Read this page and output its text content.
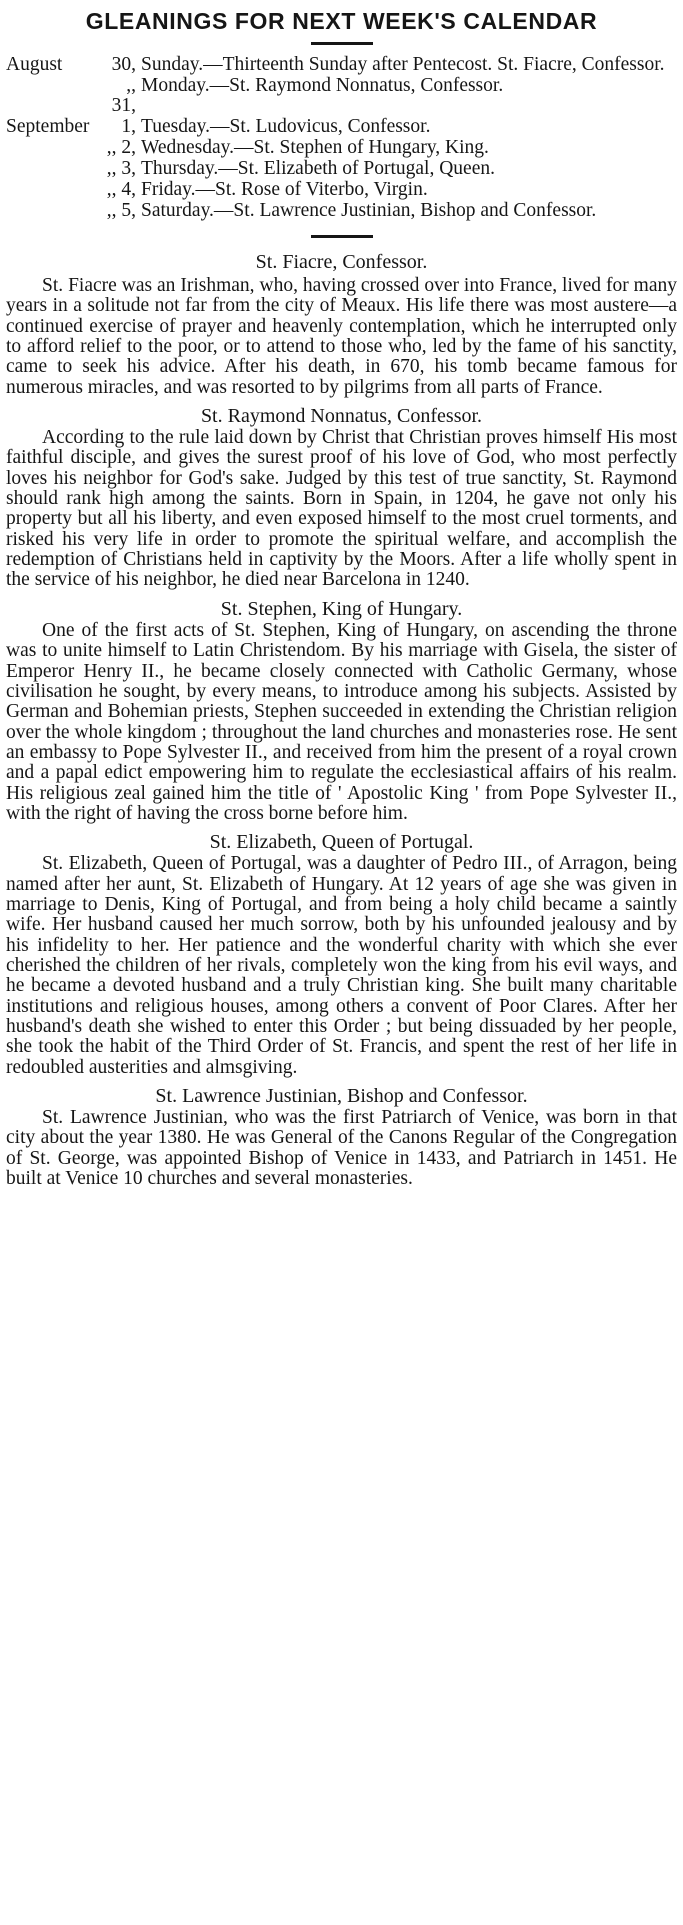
GLEANINGS FOR NEXT WEEK'S CALENDAR
August	30, Sunday.—Thirteenth Sunday after Pentecost. St. Fiacre, Confessor.
,, 31,
Monday.—St. Raymond Nonnatus, Confessor.
September	1, Tuesday.—St. Ludovicus, Confessor.
,, 2, Wednesday.—St. Stephen of Hungary, King.
,, 3, Thursday.—St. Elizabeth of Portugal, Queen.
,, 4, Friday.—St. Rose of Viterbo, Virgin.
,, 5, Saturday.—St. Lawrence Justinian, Bishop and Confessor.
St. Fiacre, Confessor.

St. Fiacre was an Irishman, who, having crossed over into France, lived for many years in a solitude not far from the city of Meaux. His life there was most austere—a continued exercise of prayer and heavenly contemplation, which he interrupted only to afford relief to the poor, or to attend to those who, led by the fame of his sanctity, came to seek his advice. After his death, in 670, his tomb became famous for numerous miracles, and was resorted to by pilgrims from all parts of France.

St. Raymond Nonnatus, Confessor.

According to the rule laid down by Christ that Christian proves himself His most faithful disciple, and gives the surest proof of his love of God, who most perfectly loves his neighbor for God's sake. Judged by this test of true sanctity, St. Raymond should rank high among the saints. Born in Spain, in 1204, he gave not only his property but all his liberty, and even exposed himself to the most cruel torments, and risked his very life in order to promote the spiritual welfare, and accomplish the redemption of Christians held in captivity by the Moors. After a life wholly spent in the service of his neighbor, he died near Barcelona in 1240.

St. Stephen, King of Hungary.

One of the first acts of St. Stephen, King of Hungary, on ascending the throne was to unite himself to Latin Christendom. By his marriage with Gisela, the sister of Emperor Henry II., he became closely connected with Catholic Germany, whose civilisation he sought, by every means, to introduce among his subjects. Assisted by German and Bohemian priests, Stephen succeeded in extending the Christian religion over the whole kingdom ; throughout the land churches and monasteries rose. He sent an embassy to Pope Sylvester II., and received from him the present of a royal crown and a papal edict empowering him to regulate the ecclesiastical affairs of his realm. His religious zeal gained him the title of ' Apostolic King ' from Pope Sylvester II., with the right of having the cross borne before him.

St. Elizabeth, Queen of Portugal.

St. Elizabeth, Queen of Portugal, was a daughter of Pedro III., of Arragon, being named after her aunt, St. Elizabeth of Hungary. At 12 years of age she was given in marriage to Denis, King of Portugal, and from being a holy child became a saintly wife. Her husband caused her much sorrow, both by his unfounded jealousy and by his infidelity to her. Her patience and the wonderful charity with which she ever cherished the children of her rivals, completely won the king from his evil ways, and he became a devoted husband and a truly Christian king. She built many charitable institutions and religious houses, among others a convent of Poor Clares. After her husband's death she wished to enter this Order ; but being dissuaded by her people, she took the habit of the Third Order of St. Francis, and spent the rest of her life in redoubled austerities and almsgiving.

St. Lawrence Justinian, Bishop and Confessor.

St. Lawrence Justinian, who was the first Patriarch of Venice, was born in that city about the year 1380. He was General of the Canons Regular of the Congregation of St. George, was appointed Bishop of Venice in 1433, and Patriarch in 1451. He built at Venice 10 churches and several monasteries.
